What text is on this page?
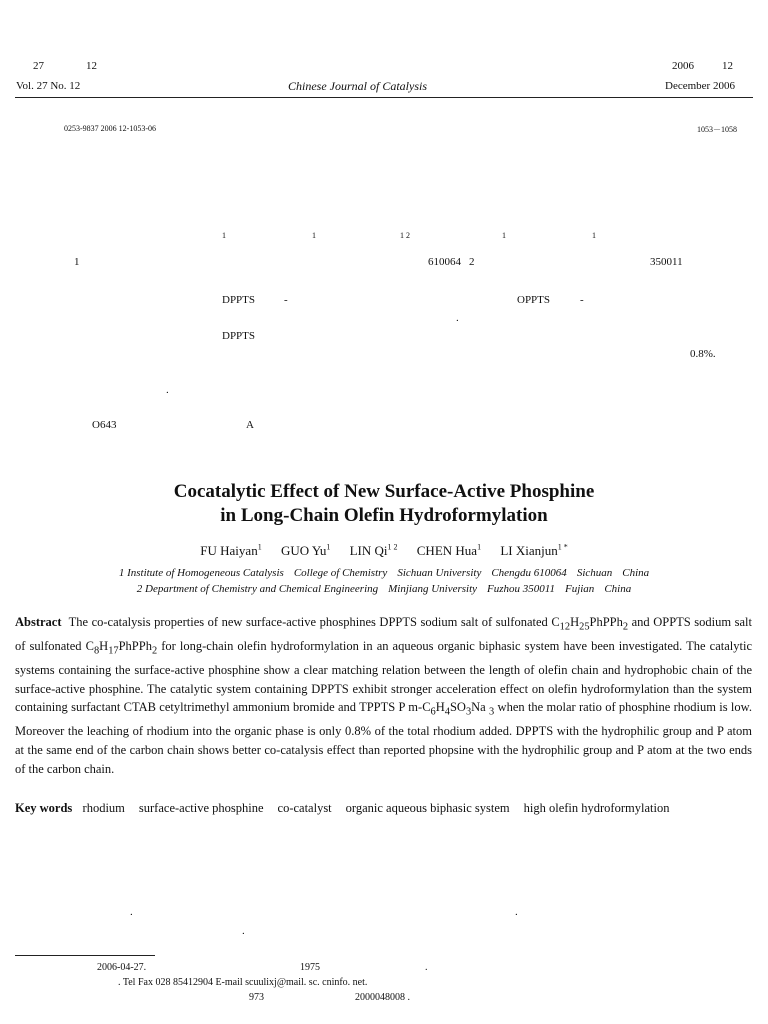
27	12	2006	12
Vol. 27 No. 12	Chinese Journal of Catalysis	December 2006
0253-9837 2006 12-1053-06	1053－1058
1	1	1 2	1	1
1	610064 2	350011
DPPTS	-	OPPTS	-
.
DPPTS
0.8%.
.
O643	A
Cocatalytic Effect of New Surface-Active Phosphine
in Long-Chain Olefin Hydroformylation
FU Haiyan$^1$ GUO Yu$^1$ LIN $Qi^{1 2}$ CHEN Hua$^1$ LI Xianjun$^{1 *}$
1 Institute of Homogeneous Catalysis College of Chemistry Sichuan University Chengdu 610064 Sichuan China
2 Department of Chemistry and Chemical Engineering Minjiang University Fuzhou 350011 Fujian China
Abstract The co-catalysis properties of new surface-active phosphines DPPTS sodium salt of sulfonated $C_{12}H_{25}PhPPh_2$ and OPPTS sodium salt of sulfonated $C_8H_{17}PhPPh_2$ for long-chain olefin hydroformylation in an aqueous organic biphasic system have been investigated. The catalytic systems containing the surface-active phosphine show a clear matching relation between the length of olefin chain and hydrophobic chain of the surface-active phosphine. The catalytic system containing DPPTS exhibit stronger acceleration effect on olefin hydroformylation than the system containing surfactant CTAB cetyltrimethyl ammonium bromide and TPPTS P $m-C_6H_4SO_3Na$ $_3$ when the molar ratio of phosphine rhodium is low. Moreover the leaching of rhodium into the organic phase is only 0.8% of the total rhodium added. DPPTS with the hydrophilic group and P atom at the same end of the carbon chain shows better co-catalysis effect than reported phopsine with the hydrophilic group and P atom at the two ends of the carbon chain.
Key words rhodium surface-active phosphine co-catalyst organic aqueous biphasic system high olefin hydroformylation
.	.
.
2006-04-27.	1975	.
. Tel Fax 028 85412904 E-mail scuulixj@mail. sc. cninfo. net.
973	2000048008 .
